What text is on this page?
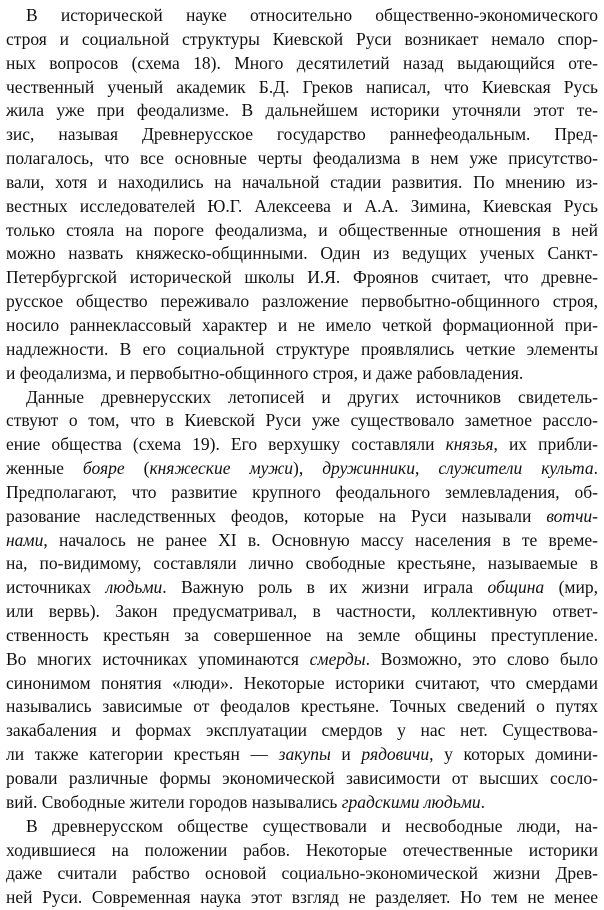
В исторической науке относительно общественно-экономического
строя и социальной структуры Киевской Руси возникает немало спор-
ных вопросов (схема 18). Много десятилетий назад выдающийся оте-
чественный ученый академик Б.Д. Греков написал, что Киевская Русь
жила уже при феодализме. В дальнейшем историки уточняли этот те-
зис, называя Древнерусское государство раннефеодальным. Пред-
полагалось, что все основные черты феодализма в нем уже присутство-
вали, хотя и находились на начальной стадии развития. По мнению из-
вестных исследователей Ю.Г. Алексеева и А.А. Зимина, Киевская Русь
только стояла на пороге феодализма, и общественные отношения в ней
можно назвать княжеско-общинными. Один из ведущих ученых Санкт-
Петербургской исторической школы И.Я. Фроянов считает, что древне-
русское общество переживало разложение первобытно-общинного строя,
носило раннеклассовый характер и не имело четкой формационной при-
надлежности. В его социальной структуре проявлялись четкие элементы
и феодализма, и первобытно-общинного строя, и даже рабовладения.
Данные древнерусских летописей и других источников свидетель-
ствуют о том, что в Киевской Руси уже существовало заметное рассло-
ение общества (схема 19). Его верхушку составляли князья, их прибли-
женные бояре (княжеские мужи), дружинники, служители культа.
Предполагают, что развитие крупного феодального землевладения, об-
разование наследственных феодов, которые на Руси называли вотчи-
нами, началось не ранее XI в. Основную массу населения в те време-
на, по-видимому, составляли лично свободные крестьяне, называемые в
источниках людьми. Важную роль в их жизни играла община (мир,
или вервь). Закон предусматривал, в частности, коллективную ответ-
ственность крестьян за совершенное на земле общины преступление.
Во многих источниках упоминаются смерды. Возможно, это слово было
синонимом понятия «люди». Некоторые историки считают, что смердами
назывались зависимые от феодалов крестьяне. Точных сведений о путях
закабаления и формах эксплуатации смердов у нас нет. Существова-
ли также категории крестьян — закупы и рядовичи, у которых домини-
ровали различные формы экономической зависимости от высших сосло-
вий. Свободные жители городов назывались градскими людьми.
В древнерусском обществе существовали и несвободные люди, на-
ходившиеся на положении рабов. Некоторые отечественные историки
даже считали рабство основой социально-экономической жизни Древ-
ней Руси. Современная наука этот взгляд не разделяет. Но тем не менее
